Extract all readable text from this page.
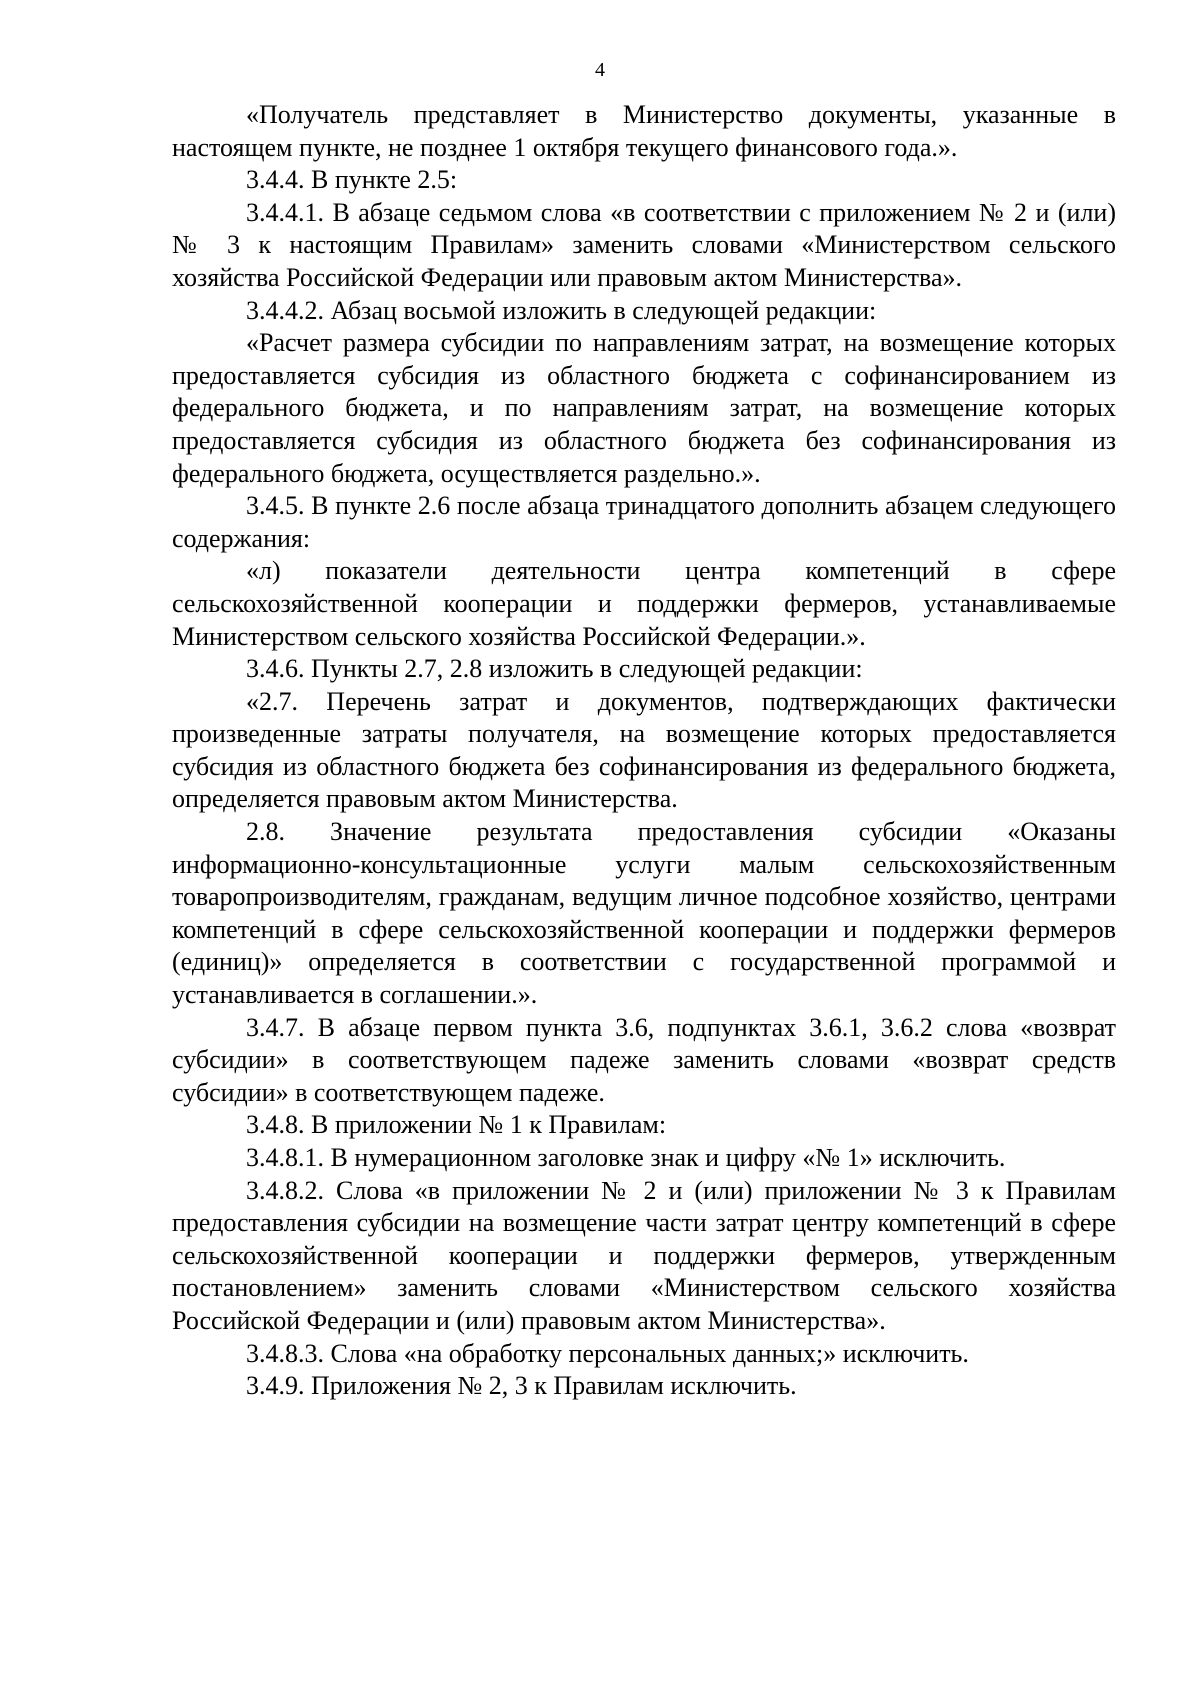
4

«Получатель представляет в Министерство документы, указанные в настоящем пункте, не позднее 1 октября текущего финансового года.».

3.4.4. В пункте 2.5:

3.4.4.1. В абзаце седьмом слова «в соответствии с приложением № 2 и (или) № 3 к настоящим Правилам» заменить словами «Министерством сельского хозяйства Российской Федерации или правовым актом Министерства».

3.4.4.2. Абзац восьмой изложить в следующей редакции:

«Расчет размера субсидии по направлениям затрат, на возмещение которых предоставляется субсидия из областного бюджета с софинансированием из федерального бюджета, и по направлениям затрат, на возмещение которых предоставляется субсидия из областного бюджета без софинансирования из федерального бюджета, осуществляется раздельно.».

3.4.5. В пункте 2.6 после абзаца тринадцатого дополнить абзацем следующего содержания:

«л) показатели деятельности центра компетенций в сфере сельскохозяйственной кооперации и поддержки фермеров, устанавливаемые Министерством сельского хозяйства Российской Федерации.».

3.4.6. Пункты 2.7, 2.8 изложить в следующей редакции:

«2.7. Перечень затрат и документов, подтверждающих фактически произведенные затраты получателя, на возмещение которых предоставляется субсидия из областного бюджета без софинансирования из федерального бюджета, определяется правовым актом Министерства.

2.8. Значение результата предоставления субсидии «Оказаны информационно-консультационные услуги малым сельскохозяйственным товаропроизводителям, гражданам, ведущим личное подсобное хозяйство, центрами компетенций в сфере сельскохозяйственной кооперации и поддержки фермеров (единиц)» определяется в соответствии с государственной программой и устанавливается в соглашении.».

3.4.7. В абзаце первом пункта 3.6, подпунктах 3.6.1, 3.6.2 слова «возврат субсидии» в соответствующем падеже заменить словами «возврат средств субсидии» в соответствующем падеже.

3.4.8. В приложении № 1 к Правилам:

3.4.8.1. В нумерационном заголовке знак и цифру «№ 1» исключить.

3.4.8.2. Слова «в приложении № 2 и (или) приложении № 3 к Правилам предоставления субсидии на возмещение части затрат центру компетенций в сфере сельскохозяйственной кооперации и поддержки фермеров, утвержденным постановлением» заменить словами «Министерством сельского хозяйства Российской Федерации и (или) правовым актом Министерства».

3.4.8.3. Слова «на обработку персональных данных;» исключить.

3.4.9. Приложения № 2, 3 к Правилам исключить.
